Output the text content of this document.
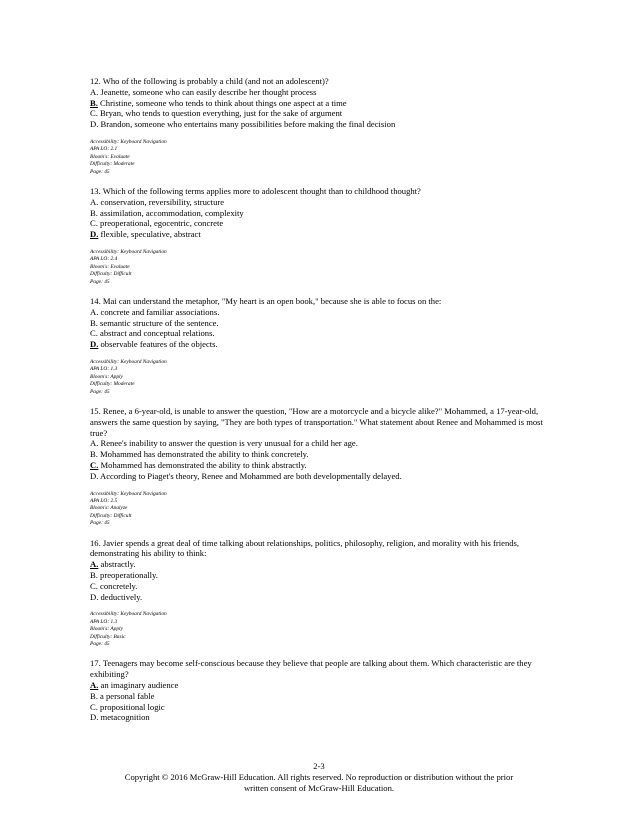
12. Who of the following is probably a child (and not an adolescent)?

A. Jeanette, someone who can easily describe her thought process

B. Christine, someone who tends to think about things one aspect at a time

C. Bryan, who tends to question everything, just for the sake of argument

D. Brandon, someone who entertains many possibilities before making the final decision

Accessibility: Keyboard Navigation

APA LO: 2.1

Bloom's: Evaluate

Difficulty: Moderate

Page: 45

13. Which of the following terms applies more to adolescent thought than to childhood thought?

A. conservation, reversibility, structure

B. assimilation, accommodation, complexity

C. preoperational, egocentric, concrete

D. flexible, speculative, abstract

Accessibility: Keyboard Navigation

APA LO: 2.4

Bloom's: Evaluate

Difficulty: Difficult

Page: 45

14. Mai can understand the metaphor, "My heart is an open book," because she is able to focus on the:

A. concrete and familiar associations.

B. semantic structure of the sentence.

C. abstract and conceptual relations.

D. observable features of the objects.

Accessibility: Keyboard Navigation

APA LO: 1.3

Bloom's: Apply

Difficulty: Moderate

Page: 45

15. Renee, a 6-year-old, is unable to answer the question, "How are a motorcycle and a bicycle alike?" Mohammed, a 17-year-old, answers the same question by saying, "They are both types of transportation." What statement about Renee and Mohammed is most true?

A. Renee's inability to answer the question is very unusual for a child her age.

B. Mohammed has demonstrated the ability to think concretely.

C. Mohammed has demonstrated the ability to think abstractly.

D. According to Piaget's theory, Renee and Mohammed are both developmentally delayed.

Accessibility: Keyboard Navigation

APA LO: 2.5

Bloom's: Analyze

Difficulty: Difficult

Page: 45

16. Javier spends a great deal of time talking about relationships, politics, philosophy, religion, and morality with his friends, demonstrating his ability to think:

A. abstractly.

B. preoperationally.

C. concretely.

D. deductively.

Accessibility: Keyboard Navigation

APA LO: 1.3

Bloom's: Apply

Difficulty: Basic

Page: 45

17. Teenagers may become self-conscious because they believe that people are talking about them. Which characteristic are they exhibiting?

A. an imaginary audience

B. a personal fable

C. propositional logic

D. metacognition

2-3

Copyright © 2016 McGraw-Hill Education. All rights reserved. No reproduction or distribution without the prior

written consent of McGraw-Hill Education.
